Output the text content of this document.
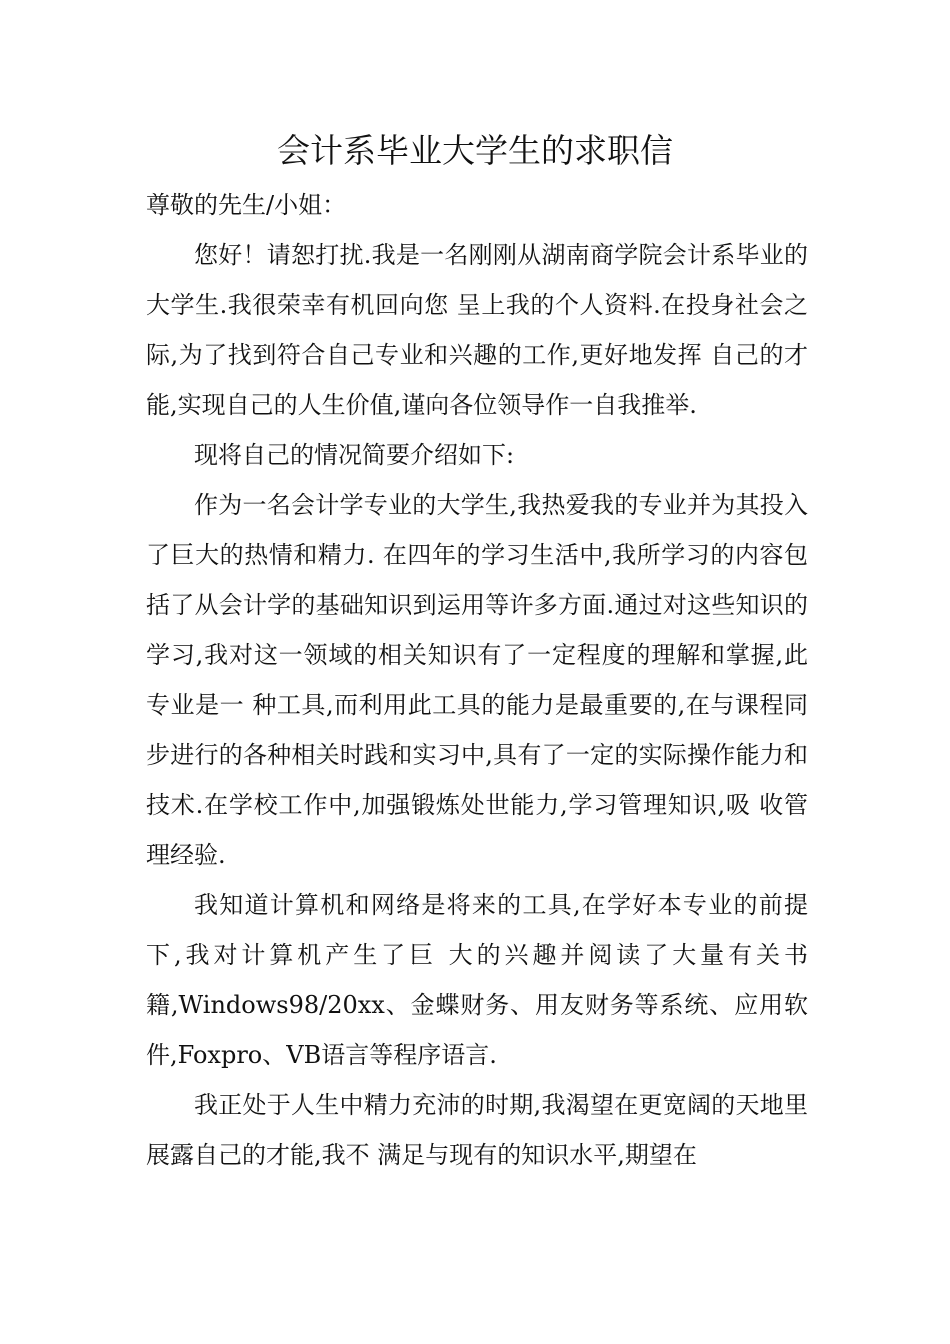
会计系毕业大学生的求职信

尊敬的先生/小姐：

您好！请恕打扰.我是一名刚刚从湖南商学院会计系毕业的大学生.我很荣幸有机回向您 呈上我的个人资料.在投身社会之际,为了找到符合自己专业和兴趣的工作,更好地发挥 自己的才能,实现自己的人生价值,谨向各位领导作一自我推举.

现将自己的情况简要介绍如下:

作为一名会计学专业的大学生,我热爱我的专业并为其投入了巨大的热情和精力. 在四年的学习生活中,我所学习的内容包括了从会计学的基础知识到运用等许多方面.通过对这些知识的学习,我对这一领域的相关知识有了一定程度的理解和掌握,此专业是一 种工具,而利用此工具的能力是最重要的,在与课程同步进行的各种相关时践和实习中,具有了一定的实际操作能力和技术.在学校工作中,加强锻炼处世能力,学习管理知识,吸 收管理经验.

我知道计算机和网络是将来的工具,在学好本专业的前提下,我对计算机产生了巨 大的兴趣并阅读了大量有关书籍,Windows98/20xx、金蝶财务、用友财务等系统、应用软件,Foxpro、VB语言等程序语言.

我正处于人生中精力充沛的时期,我渴望在更宽阔的天地里展露自己的才能,我不 满足与现有的知识水平,期望在
